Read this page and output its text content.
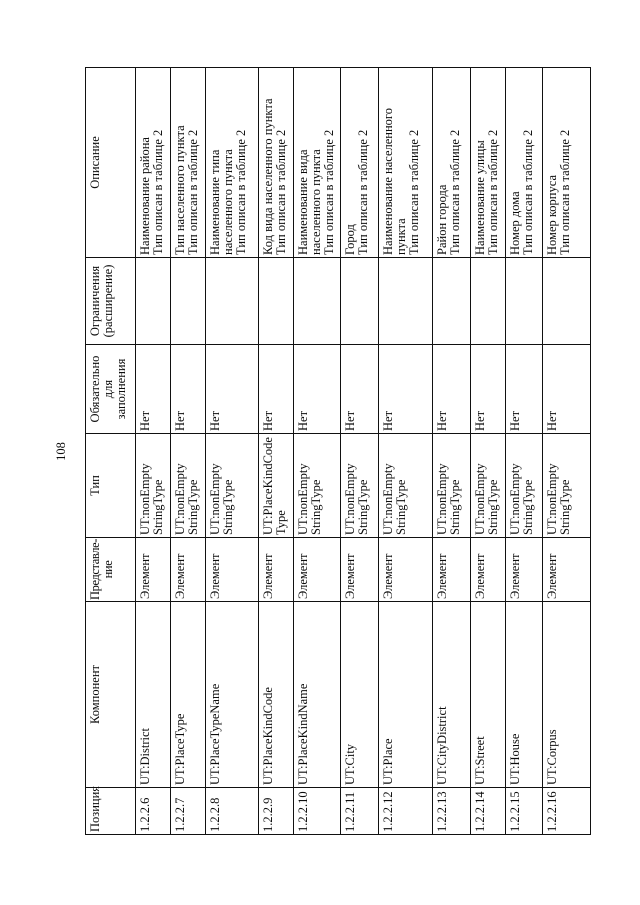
108
Позиция	Компонент	Представле-
ние	Тип	Обязательно
для
заполнения	Ограничения
(расширение)	Описание
1.2.2.6	UT:District	Элемент	UT:nonEmpty
StringType	Нет		Наименование района
Тип описан в таблице 2
1.2.2.7	UT:PlaceType	Элемент	UT:nonEmpty
StringType	Нет		Тип населенного пункта
Тип описан в таблице 2
1.2.2.8	UT:PlaceTypeName	Элемент	UT:nonEmpty
StringType	Нет		Наименование типа
населенного пункта
Тип описан в таблице 2
1.2.2.9	UT:PlaceKindCode	Элемент	UT:PlaceKindCode
Type	Нет		Код вида населенного пункта
Тип описан в таблице 2
1.2.2.10	UT:PlaceKindName	Элемент	UT:nonEmpty
StringType	Нет		Наименование вида
населенного пункта
Тип описан в таблице 2
1.2.2.11	UT:City	Элемент	UT:nonEmpty
StringType	Нет		Город
Тип описан в таблице 2
1.2.2.12	UT:Place	Элемент	UT:nonEmpty
StringType	Нет		Наименование населенного
пункта
Тип описан в таблице 2
1.2.2.13	UT:CityDistrict	Элемент	UT:nonEmpty
StringType	Нет		Район города
Тип описан в таблице 2
1.2.2.14	UT:Street	Элемент	UT:nonEmpty
StringType	Нет		Наименование улицы
Тип описан в таблице 2
1.2.2.15	UT:House	Элемент	UT:nonEmpty
StringType	Нет		Номер дома
Тип описан в таблице 2
1.2.2.16	UT:Corpus	Элемент	UT:nonEmpty
StringType	Нет		Номер корпуса
Тип описан в таблице 2
